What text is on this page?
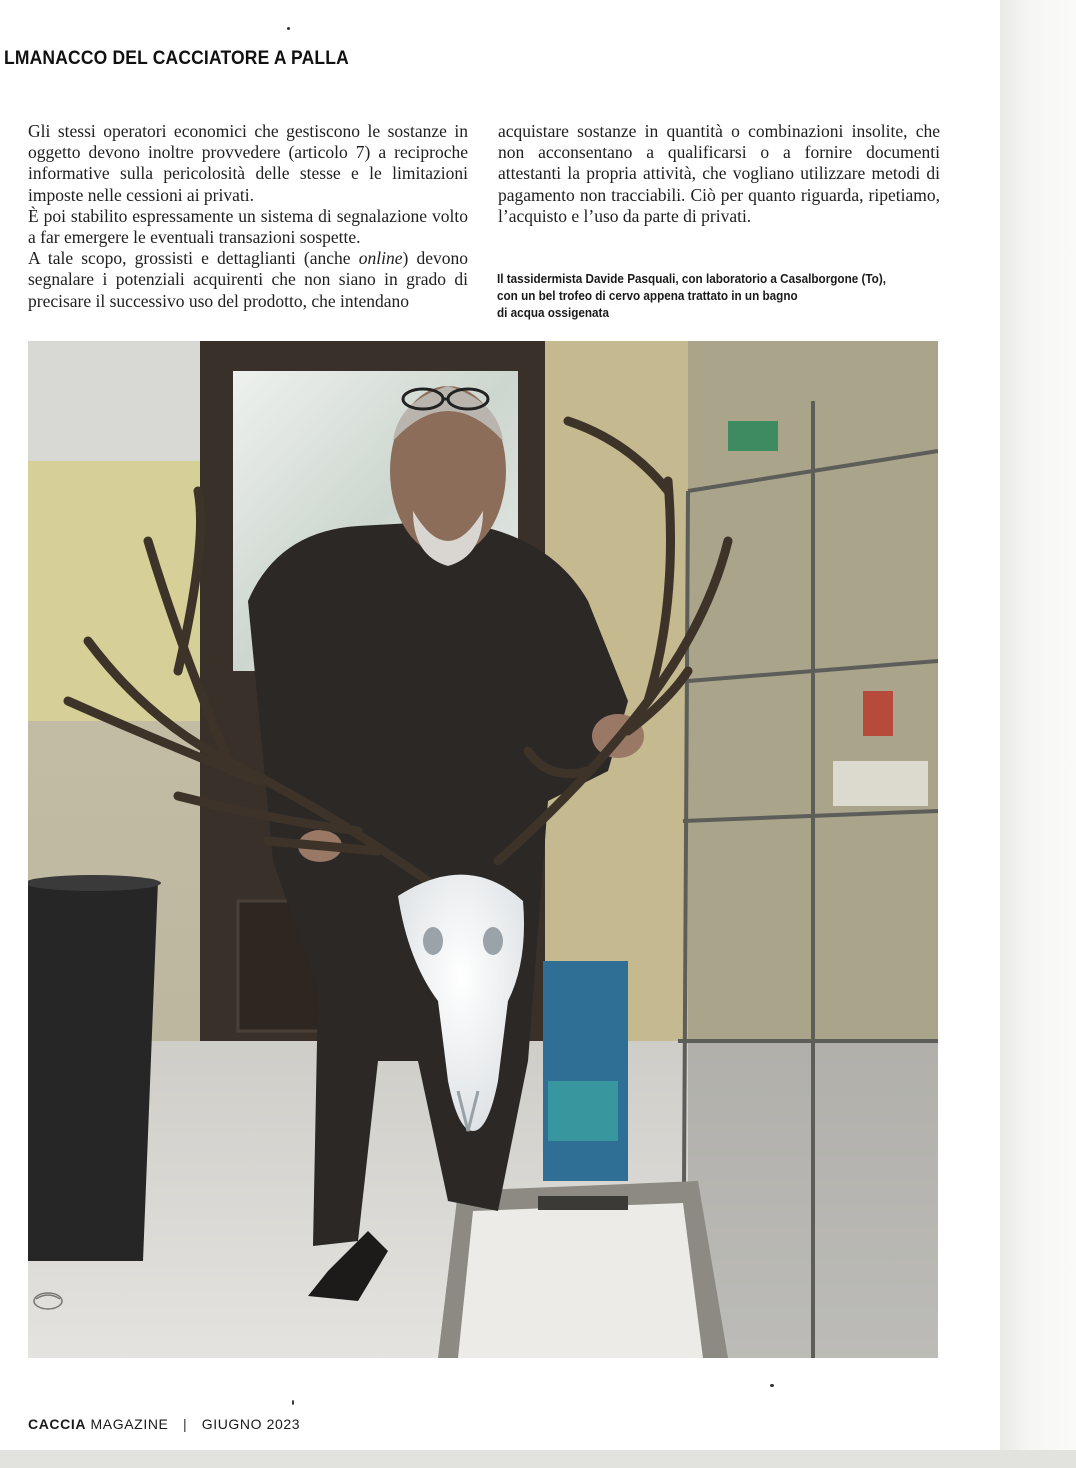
LMANACCO DEL CACCIATORE A PALLA

Gli stessi operatori economici che gestiscono le sostanze in oggetto devono inoltre provvedere (articolo 7) a reciproche informative sulla pericolosità delle stesse e le limitazioni imposte nelle cessioni ai privati.

È poi stabilito espressamente un sistema di segnalazione volto a far emergere le eventuali transazioni sospette.

A tale scopo, grossisti e dettaglianti (anche online) devono segnalare i potenziali acquirenti che non siano in grado di precisare il successivo uso del prodotto, che intendano

acquistare sostanze in quantità o combinazioni insolite, che non acconsentano a qualificarsi o a fornire documenti attestanti la propria attività, che vogliano utilizzare metodi di pagamento non tracciabili. Ciò per quanto riguarda, ripetiamo, l’acquisto e l’uso da parte di privati.

Il tassidermista Davide Pasquali, con laboratorio a Casalborgone (To),
con un bel trofeo di cervo appena trattato in un bagno
di acqua ossigenata
CACCIA MAGAZINE | GIUGNO 2023
